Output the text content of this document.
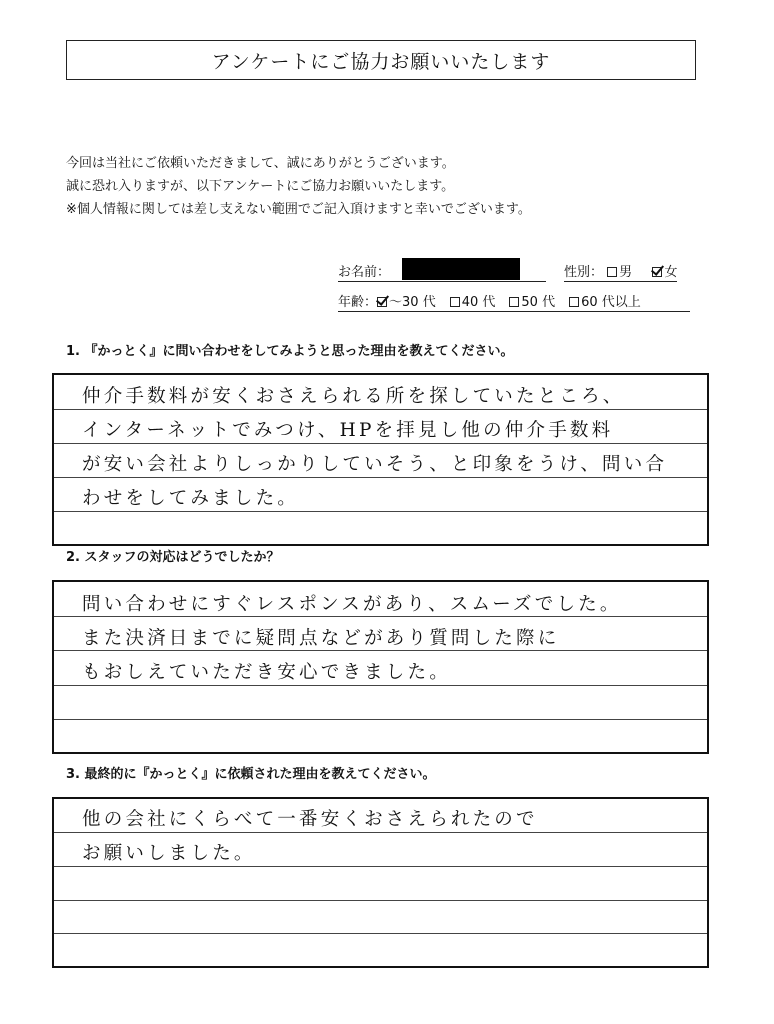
アンケートにご協力お願いいたします
今回は当社にご依頼いただきまして、誠にありがとうございます。
誠に恐れ入りますが、以下アンケートにご協力お願いいたします。
※個人情報に関しては差し支えない範囲でご記入頂けますと幸いでございます。
お名前：	性別： 男 女
年齢： ～30 代	40 代	50 代	60 代以上
1. 『かっとく』に問い合わせをしてみようと思った理由を教えてください。
仲介手数料が安くおさえられる所を探していたところ、
インターネットでみつけ、HPを拝見し他の仲介手数料
が安い会社よりしっかりしていそう、と印象をうけ、問い合
わせをしてみました。
2. スタッフの対応はどうでしたか？
問い合わせにすぐレスポンスがあり、スムーズでした。
また決済日までに疑問点などがあり質問した際に
もおしえていただき安心できました。
3. 最終的に『かっとく』に依頼された理由を教えてください。
他の会社にくらべて一番安くおさえられたので
お願いしました。
